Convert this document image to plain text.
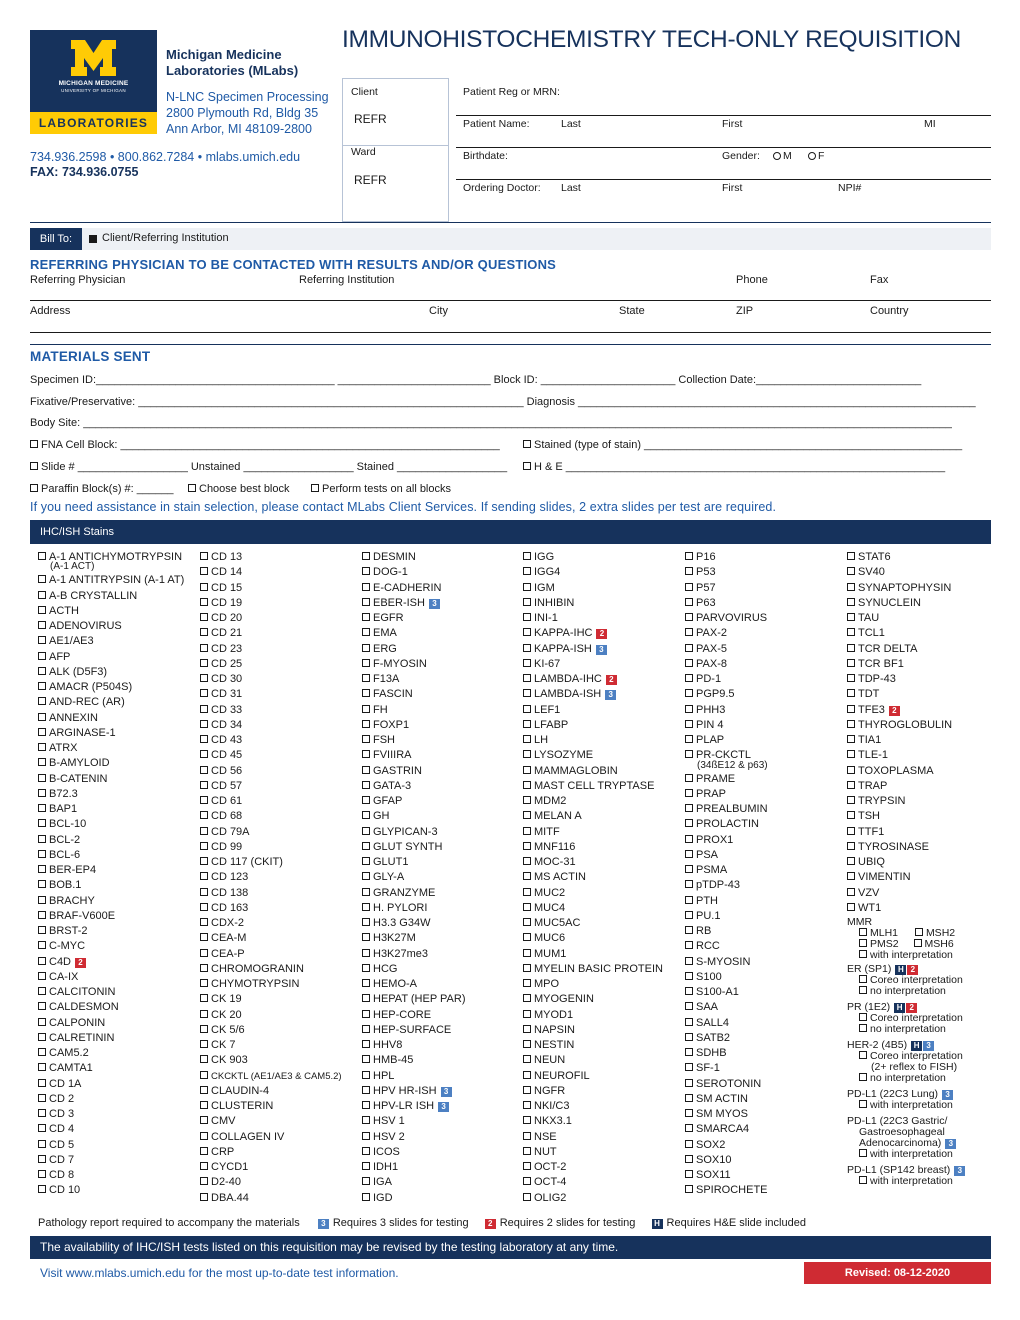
MICHIGAN MEDICINE
UNIVERSITY OF MICHIGAN
LABORATORIES
Michigan Medicine
Laboratories (MLabs)
N-LNC Specimen Processing
2800 Plymouth Rd, Bldg 35
Ann Arbor, MI 48109-2800
734.936.2598 • 800.862.7284 • mlabs.umich.edu
FAX: 734.936.0755
IMMUNOHISTOCHEMISTRY TECH-ONLY REQUISITION
Client
REFR
Ward
REFR
Patient Reg or MRN:
Patient Name:	Last	First	MI
Birthdate:	Gender:	M	F
Ordering Doctor: Last	First	NPI#
Bill To:	Client/Referring Institution
REFERRING PHYSICIAN TO BE CONTACTED WITH RESULTS AND/OR QUESTIONS
Referring Physician	Referring Institution	Phone	Fax
Address	City	State	ZIP	Country
MATERIALS SENT
Specimen ID:_______________________________________ _________________________ Block ID: ______________________ Collection Date:___________________________
Fixative/Preservative: _______________________________________________________________ Diagnosis _________________________________________________________________
Body Site: ______________________________________________________________________________________________________________________________________________
FNA Cell Block: ______________________________________________________________	Stained (type of stain) ____________________________________________________
Slide # __________________ Unstained __________________ Stained __________________	H & E ______________________________________________________________
Paraffin Block(s) #: ______	Choose best block	Perform tests on all blocks
If you need assistance in stain selection, please contact MLabs Client Services. If sending slides, 2 extra slides per test are required.
IHC/ISH Stains
A-1 ANTICHYMOTRYPSIN
(A-1 ACT)
A-1 ANTITRYPSIN (A-1 AT)
A-B CRYSTALLIN
ACTH
ADENOVIRUS
AE1/AE3
AFP
ALK (D5F3)
AMACR (P504S)
AND-REC (AR)
ANNEXIN
ARGINASE-1
ATRX
B-AMYLOID
B-CATENIN
B72.3
BAP1
BCL-10
BCL-2
BCL-6
BER-EP4
BOB.1
BRACHY
BRAF-V600E
BRST-2
C-MYC
C4D 2
CA-IX
CALCITONIN
CALDESMON
CALPONIN
CALRETININ
CAM5.2
CAMTA1
CD 1A
CD 2
CD 3
CD 4
CD 5
CD 7
CD 8
CD 10
CD 13
CD 14
CD 15
CD 19
CD 20
CD 21
CD 23
CD 25
CD 30
CD 31
CD 33
CD 34
CD 43
CD 45
CD 56
CD 57
CD 61
CD 68
CD 79A
CD 99
CD 117 (CKIT)
CD 123
CD 138
CD 163
CDX-2
CEA-M
CEA-P
CHROMOGRANIN
CHYMOTRYPSIN
CK 19
CK 20
CK 5/6
CK 7
CK 903
CKCKTL (AE1/AE3 & CAM5.2)
CLAUDIN-4
CLUSTERIN
CMV
COLLAGEN IV
CRP
CYCD1
D2-40
DBA.44
DESMIN
DOG-1
E-CADHERIN
EBER-ISH 3
EGFR
EMA
ERG
F-MYOSIN
F13A
FASCIN
FH
FOXP1
FSH
FVIIIRA
GASTRIN
GATA-3
GFAP
GH
GLYPICAN-3
GLUT SYNTH
GLUT1
GLY-A
GRANZYME
H. PYLORI
H3.3 G34W
H3K27M
H3K27me3
HCG
HEMO-A
HEPAT (HEP PAR)
HEP-CORE
HEP-SURFACE
HHV8
HMB-45
HPL
HPV HR-ISH 3
HPV-LR ISH 3
HSV 1
HSV 2
ICOS
IDH1
IGA
IGD
IGG
IGG4
IGM
INHIBIN
INI-1
KAPPA-IHC 2
KAPPA-ISH 3
KI-67
LAMBDA-IHC 2
LAMBDA-ISH 3
LEF1
LFABP
LH
LYSOZYME
MAMMAGLOBIN
MAST CELL TRYPTASE
MDM2
MELAN A
MITF
MNF116
MOC-31
MS ACTIN
MUC2
MUC4
MUC5AC
MUC6
MUM1
MYELIN BASIC PROTEIN
MPO
MYOGENIN
MYOD1
NAPSIN
NESTIN
NEUN
NEUROFIL
NGFR
NKI/C3
NKX3.1
NSE
NUT
OCT-2
OCT-4
OLIG2
P16
P53
P57
P63
PARVOVIRUS
PAX-2
PAX-5
PAX-8
PD-1
PGP9.5
PHH3
PIN 4
PLAP
PR-CKCTL
(34ßE12 & p63)
PRAME
PRAP
PREALBUMIN
PROLACTIN
PROX1
PSA
PSMA
pTDP-43
PTH
PU.1
RB
RCC
S-MYOSIN
S100
S100-A1
SAA
SALL4
SATB2
SDHB
SF-1
SEROTONIN
SM ACTIN
SM MYOS
SMARCA4
SOX2
SOX10
SOX11
SPIROCHETE
STAT6
SV40
SYNAPTOPHYSIN
SYNUCLEIN
TAU
TCL1
TCR DELTA
TCR BF1
TDP-43
TDT
TFE3 2
THYROGLOBULIN
TIA1
TLE-1
TOXOPLASMA
TRAP
TRYPSIN
TSH
TTF1
TYROSINASE
UBIQ
VIMENTIN
VZV
WT1
MMR
MLH1	MSH2
PMS2 MSH6
with interpretation
ER (SP1) H 2
Coreo interpretation
no interpretation
PR (1E2) H 2
Coreo interpretation
no interpretation
HER-2 (4B5) H 3
Coreo interpretation
(2+ reflex to FISH)
no interpretation
PD-L1 (22C3 Lung) 3
with interpretation
PD-L1 (22C3 Gastric/
Gastroesophageal
Adenocarcinoma) 3
with interpretation
PD-L1 (SP142 breast) 3
with interpretation
Pathology report required to accompany the materials	3 Requires 3 slides for testing 2 Requires 2 slides for testing H Requires H&E slide included
The availability of IHC/ISH tests listed on this requisition may be revised by the testing laboratory at any time.
Visit www.mlabs.umich.edu for the most up-to-date test information.	Revised: 08-12-2020
